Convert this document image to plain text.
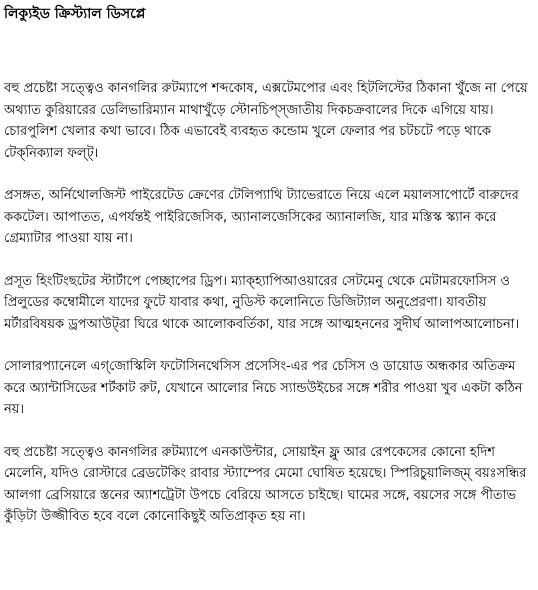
লিক্যুইড ক্রিস্ট্যাল ডিসপ্লে

বহু প্রচেষ্টা সত্ত্বেও কানগলির রুটম্যাপে শব্দকোষ, এক্সটেমপোর এবং হিটলিস্টের ঠিকানা খুঁজে না পেয়ে অথ্যাত কুরিয়ারের ডেলিভারিম্যান মাথাখুঁড়ে স্টোনচিপ্‌স্‌জাতীয় দিকচক্রবালের দিকে এগিয়ে যায়। চোরপুলিশ খেলার কথা ভাবে। ঠিক এভাবেই ব্যবহৃত কন্ডোম খুলে ফেলার পর চটচটে পড়ে থাকে টেক্‌নিক্যাল ফল্ট্‌।

প্রসঙ্গত, অর্নিথোলজিস্ট পাইরেটেড ক্রেণের টেলিপ্যাথি ট্যাভেরাতে নিয়ে এলে ময়ালসাপোর্টে বারুদের ককটেল। আপাতত, এপর্যন্তই পাইরিজেসিক, অ্যানালজেসিকের অ্যানালজি, যার মস্তিস্ক স্ক্যান করে গ্রেম্যাটার পাওয়া যায় না।

প্রসূত হিংটিংছটের স্টার্টাপে পেচ্ছাপের ড্রিপ। ম্যাক্‌হ্যাপিআওয়ারের সেটমেনু থেকে মেটামরফোসিস ও প্রিলুডের কম্বোমীলে যাদের ফুটে যাবার কথা, নুডিস্ট কলোনিতে ডিজিট্যাল অনুপ্রেরণা। যাবতীয় মর্টারবিষয়ক ড্রপআউট্‌রা ঘিরে থাকে আলোকবর্তিকা, যার সঙ্গে আত্মহননের সুদীর্ঘ আলাপআলোচনা।

সোলারপ্যানেলে এগ্‌জোস্কিলি ফটোসিনথেসিস প্রসেসিং-এর পর চেসিস ও ডায়োড অন্ধকার অতিক্রম করে অ্যান্টাসিডের শর্টকাট রুট, যেখানে আলোর নিচে স্যান্ডউইচের সঙ্গে শরীর পাওয়া খুব একটা কঠিন নয়।

বহু প্রচেষ্টা সত্ত্বেও কানগলির রুটম্যাপে এনকাউন্টার, সোয়াইন ফ্লু আর রেপকেসের কোনো হদিশ মেলেনি, যদিও রোস্টারে ব্রেডটেকিং রাবার স্ট্যাম্পের মেমো ঘোষিত হয়েছে। স্পিরিচুয়ালিজ্‌ম্‌ বয়ঃসন্ধির আলগা ব্রেসিয়ারে স্তনের অ্যাশট্রেটা উপচে বেরিয়ে আসতে চাইছে। ঘামের সঙ্গে, বয়সের সঙ্গে পীতাভ কুঁড়িটা উজ্জীবিত হবে বলে কোনোকিছুই অতিপ্রাকৃত হয় না।
